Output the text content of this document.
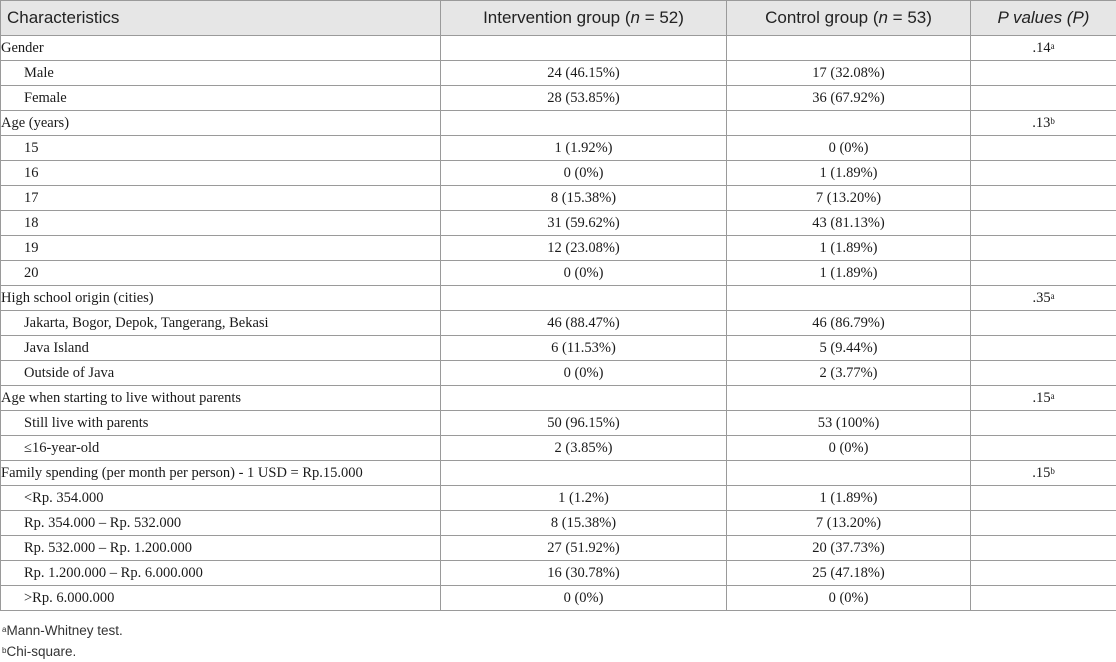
Characteristics	Intervention group (n = 52)	Control group (n = 53)	P values (P)
Gender			.14$^a$
Male	24 (46.15%)	17 (32.08%)	
Female	28 (53.85%)	36 (67.92%)	
Age (years)			.13$^b$
15	1 (1.92%)	0 (0%)	
16	0 (0%)	1 (1.89%)	
17	8 (15.38%)	7 (13.20%)	
18	31 (59.62%)	43 (81.13%)	
19	12 (23.08%)	1 (1.89%)	
20	0 (0%)	1 (1.89%)	
High school origin (cities)			.35$^a$
Jakarta, Bogor, Depok, Tangerang, Bekasi	46 (88.47%)	46 (86.79%)	
Java Island	6 (11.53%)	5 (9.44%)	
Outside of Java	0 (0%)	2 (3.77%)	
Age when starting to live without parents			.15$^a$
Still live with parents	50 (96.15%)	53 (100%)	
≤16-year-old	2 (3.85%)	0 (0%)	
Family spending (per month per person) - 1 USD = Rp.15.000			.15$^b$
<Rp. 354.000	1 (1.2%)	1 (1.89%)	
Rp. 354.000 – Rp. 532.000	8 (15.38%)	7 (13.20%)	
Rp. 532.000 – Rp. 1.200.000	27 (51.92%)	20 (37.73%)	
Rp. 1.200.000 – Rp. 6.000.000	16 (30.78%)	25 (47.18%)	
>Rp. 6.000.000	0 (0%)	0 (0%)	
$^a$Mann-Whitney test.
$^b$Chi-square.
